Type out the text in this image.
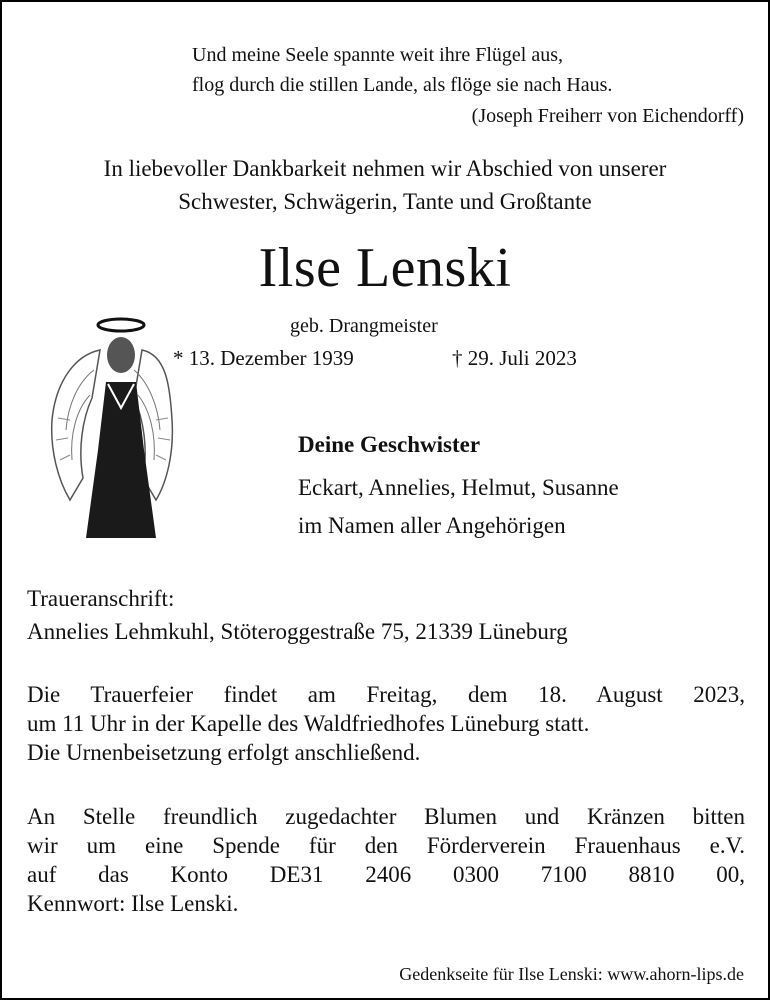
Und meine Seele spannte weit ihre Flügel aus,
flog durch die stillen Lande, als flöge sie nach Haus.
(Joseph Freiherr von Eichendorff)
In liebevoller Dankbarkeit nehmen wir Abschied von unserer
Schwester, Schwägerin, Tante und Großtante
Ilse Lenski
geb. Drangmeister
* 13. Dezember 1939	† 29. Juli 2023
Deine Geschwister
Eckart, Annelies, Helmut, Susanne
im Namen aller Angehörigen
Traueranschrift:
Annelies Lehmkuhl, Stöteroggestraße 75, 21339 Lüneburg
Die Trauerfeier findet am Freitag, dem 18. August 2023,
um 11 Uhr in der Kapelle des Waldfriedhofes Lüneburg statt.
Die Urnenbeisetzung erfolgt anschließend.
An Stelle freundlich zugedachter Blumen und Kränzen bitten
wir um eine Spende für den Förderverein Frauenhaus e.V.
auf das Konto DE31 2406 0300 7100 8810 00,
Kennwort: Ilse Lenski.
Gedenkseite für Ilse Lenski: www.ahorn-lips.de
